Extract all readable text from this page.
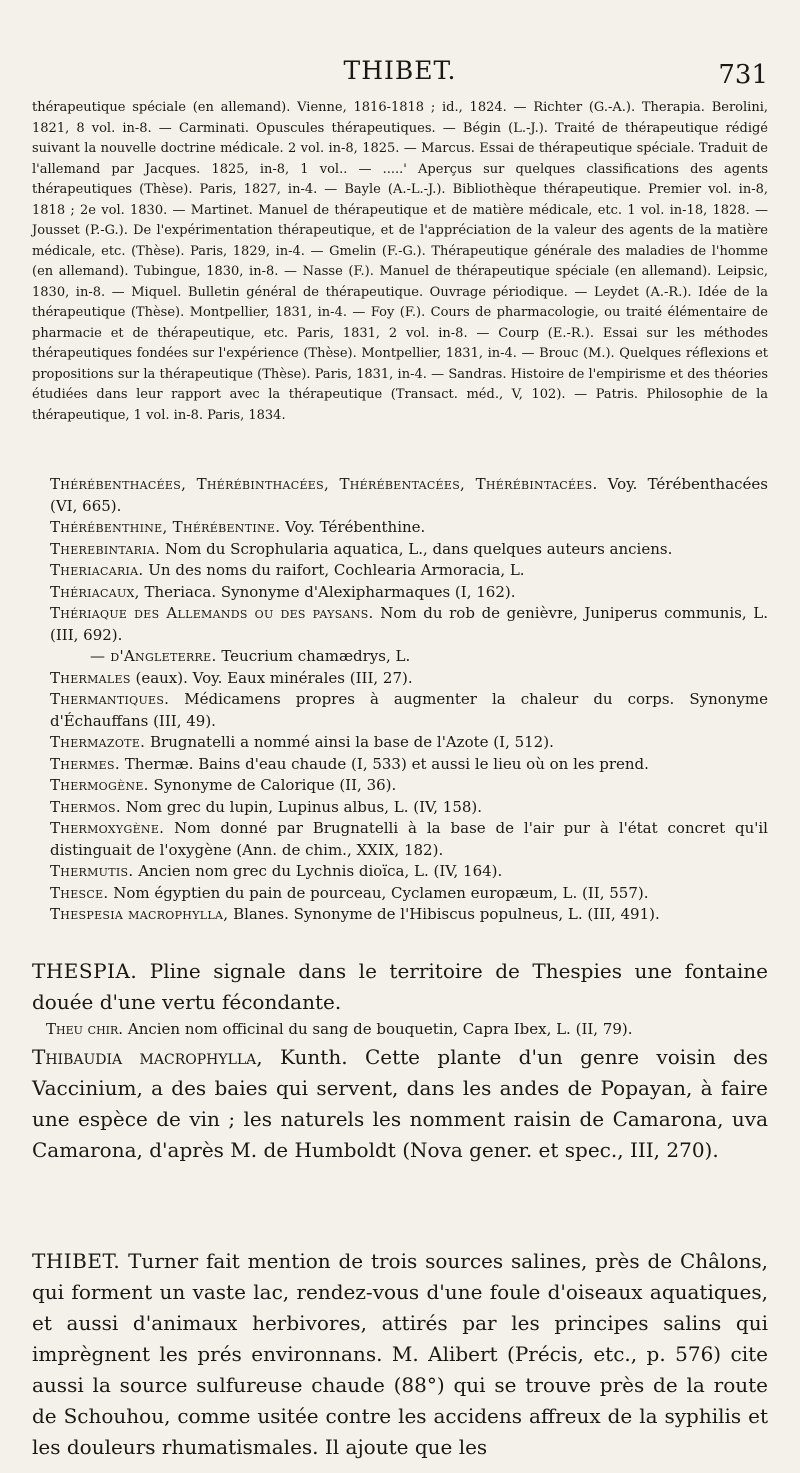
THIBET.	731
thérapeutique spéciale (en allemand). Vienne, 1816-1818 ; id., 1824. — Richter (G.-A.). Therapia. Berolini, 1821, 8 vol. in-8. — Carminati. Opuscules thérapeutiques. — Bégin (L.-J.). Traité de thérapeutique rédigé suivant la nouvelle doctrine médicale. 2 vol. in-8, 1825. — Marcus. Essai de thérapeutique spéciale. Traduit de l'allemand par Jacques. 1825, in-8, 1 vol.. — .....' Aperçus sur quelques classifications des agents thérapeutiques (Thèse). Paris, 1827, in-4. — Bayle (A.-L.-J.). Bibliothèque thérapeutique. Premier vol. in-8, 1818 ; 2e vol. 1830. — Martinet. Manuel de thérapeutique et de matière médicale, etc. 1 vol. in-18, 1828. — Jousset (P.-G.). De l'expérimentation thérapeutique, et de l'appréciation de la valeur des agents de la matière médicale, etc. (Thèse). Paris, 1829, in-4. — Gmelin (F.-G.). Thérapeutique générale des maladies de l'homme (en allemand). Tubingue, 1830, in-8. — Nasse (F.). Manuel de thérapeutique spéciale (en allemand). Leipsic, 1830, in-8. — Miquel. Bulletin général de thérapeutique. Ouvrage périodique. — Leydet (A.-R.). Idée de la thérapeutique (Thèse). Montpellier, 1831, in-4. — Foy (F.). Cours de pharmacologie, ou traité élémentaire de pharmacie et de thérapeutique, etc. Paris, 1831, 2 vol. in-8. — Courp (E.-R.). Essai sur les méthodes thérapeutiques fondées sur l'expérience (Thèse). Montpellier, 1831, in-4. — Brouc (M.). Quelques réflexions et propositions sur la thérapeutique (Thèse). Paris, 1831, in-4. — Sandras. Histoire de l'empirisme et des théories étudiées dans leur rapport avec la thérapeutique (Transact. méd., V, 102). — Patris. Philosophie de la thérapeutique, 1 vol. in-8. Paris, 1834.

Thérébenthacées, Thérébinthacées, Thérébentacées, Thérébintacées. Voy. Térébenthacées (VI, 665).

Thérébenthine, Thérébentine. Voy. Térébenthine.

Therebintaria. Nom du Scrophularia aquatica, L., dans quelques auteurs anciens.

Theriacaria. Un des noms du raifort, Cochlearia Armoracia, L.

Thériacaux, Theriaca. Synonyme d'Alexipharmaques (I, 162).

Thériaque des Allemands ou des paysans. Nom du rob de genièvre, Juniperus communis, L. (III, 692).

— d'Angleterre. Teucrium chamædrys, L.

Thermales (eaux). Voy. Eaux minérales (III, 27).

Thermantiques. Médicamens propres à augmenter la chaleur du corps. Synonyme d'Échauffans (III, 49).

Thermazote. Brugnatelli a nommé ainsi la base de l'Azote (I, 512).

Thermes. Thermæ. Bains d'eau chaude (I, 533) et aussi le lieu où on les prend.

Thermogène. Synonyme de Calorique (II, 36).

Thermos. Nom grec du lupin, Lupinus albus, L. (IV, 158).

Thermoxygène. Nom donné par Brugnatelli à la base de l'air pur à l'état concret qu'il distinguait de l'oxygène (Ann. de chim., XXIX, 182).

Thermutis. Ancien nom grec du Lychnis dioïca, L. (IV, 164).

Thesce. Nom égyptien du pain de pourceau, Cyclamen europæum, L. (II, 557).

Thespesia macrophylla, Blanes. Synonyme de l'Hibiscus populneus, L. (III, 491).

THESPIA. Pline signale dans le territoire de Thespies une fontaine douée d'une vertu fécondante.
Theu chir. Ancien nom officinal du sang de bouquetin, Capra Ibex, L. (II, 79).
Thibaudia macrophylla, Kunth. Cette plante d'un genre voisin des Vaccinium, a des baies qui servent, dans les andes de Popayan, à faire une espèce de vin ; les naturels les nomment raisin de Camarona, uva Camarona, d'après M. de Humboldt (Nova gener. et spec., III, 270).
THIBET. Turner fait mention de trois sources salines, près de Châlons, qui forment un vaste lac, rendez-vous d'une foule d'oiseaux aquatiques, et aussi d'animaux herbivores, attirés par les principes salins qui imprègnent les prés environnans. M. Alibert (Précis, etc., p. 576) cite aussi la source sulfureuse chaude (88°) qui se trouve près de la route de Schouhou, comme usitée contre les accidens affreux de la syphilis et les douleurs rhumatismales. Il ajoute que les
